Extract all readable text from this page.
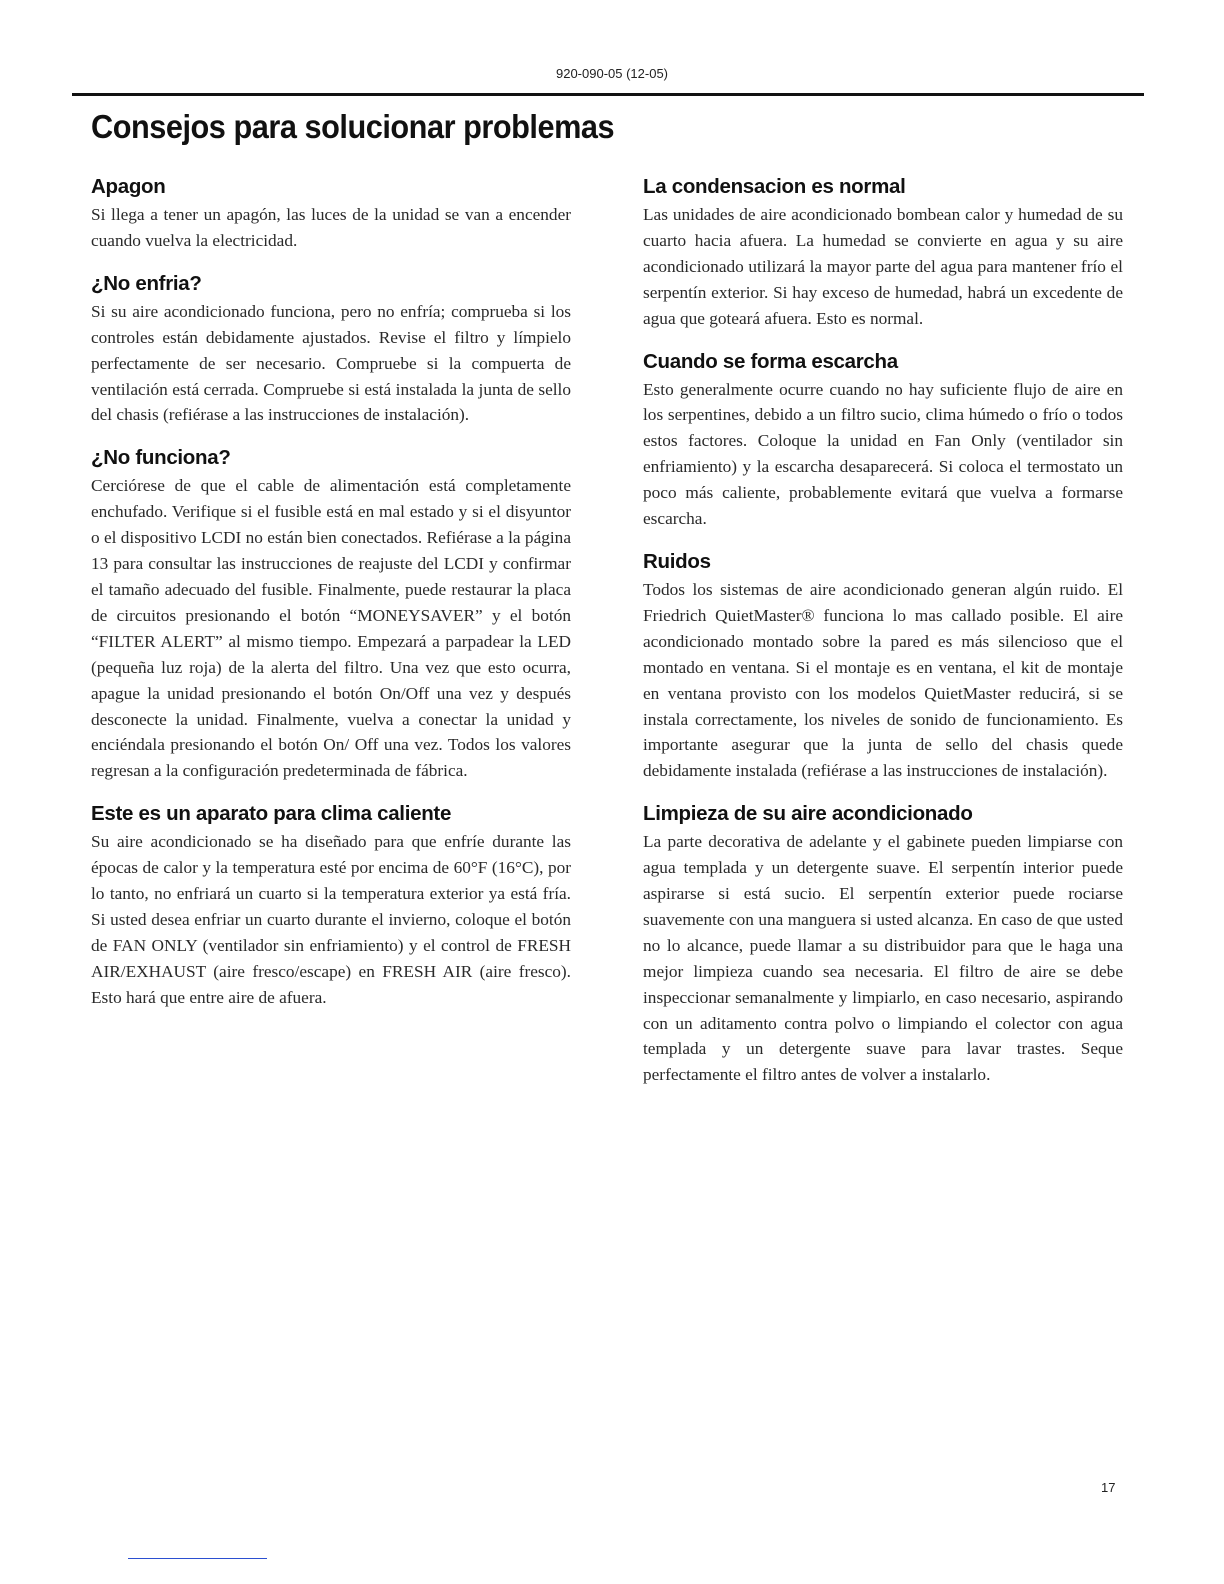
920-090-05 (12-05)
Consejos para solucionar problemas
Apagon

Si llega a tener un apagón, las luces de la unidad se van a encender cuando vuelva la electricidad.

¿No enfria?

Si su aire acondicionado funciona, pero no enfría; comprueba si los controles están debidamente ajustados. Revise el filtro y límpielo perfectamente de ser necesario. Compruebe si la compuerta de ventilación está cerrada. Compruebe si está instalada la junta de sello del chasis (refiérase a las instrucciones de instalación).

¿No funciona?

Cerciórese de que el cable de alimentación está completamente enchufado. Verifique si el fusible está en mal estado y si el disyuntor o el dispositivo LCDI no están bien conectados. Refiérase a la página 13 para consultar las instrucciones de reajuste del LCDI y confirmar el tamaño adecuado del fusible. Finalmente, puede restaurar la placa de circuitos presionando el botón “MONEYSAVER” y el botón “FILTER ALERT” al mismo tiempo. Empezará a parpadear la LED (pequeña luz roja) de la alerta del filtro. Una vez que esto ocurra, apague la unidad presionando el botón On/Off una vez y después desconecte la unidad. Finalmente, vuelva a conectar la unidad y enciéndala presionando el botón On/ Off una vez. Todos los valores regresan a la configuración predeterminada de fábrica.

Este es un aparato para clima caliente

Su aire acondicionado se ha diseñado para que enfríe durante las épocas de calor y la temperatura esté por encima de 60°F (16°C), por lo tanto, no enfriará un cuarto si la temperatura exterior ya está fría. Si usted desea enfriar un cuarto durante el invierno, coloque el botón de FAN ONLY (ventilador sin enfriamiento) y el control de FRESH AIR/EXHAUST (aire fresco/escape) en FRESH AIR (aire fresco). Esto hará que entre aire de afuera.

La condensacion es normal

Las unidades de aire acondicionado bombean calor y humedad de su cuarto hacia afuera. La humedad se convierte en agua y su aire acondicionado utilizará la mayor parte del agua para mantener frío el serpentín exterior. Si hay exceso de humedad, habrá un excedente de agua que goteará afuera. Esto es normal.

Cuando se forma escarcha

Esto generalmente ocurre cuando no hay suficiente flujo de aire en los serpentines, debido a un filtro sucio, clima húmedo o frío o todos estos factores. Coloque la unidad en Fan Only (ventilador sin enfriamiento) y la escarcha desaparecerá. Si coloca el termostato un poco más caliente, probablemente evitará que vuelva a formarse escarcha.

Ruidos

Todos los sistemas de aire acondicionado generan algún ruido. El Friedrich QuietMaster® funciona lo mas callado posible. El aire acondicionado montado sobre la pared es más silencioso que el montado en ventana. Si el montaje es en ventana, el kit de montaje en ventana provisto con los modelos QuietMaster reducirá, si se instala correctamente, los niveles de sonido de funcionamiento. Es importante asegurar que la junta de sello del chasis quede debidamente instalada (refiérase a las instrucciones de instalación).

Limpieza de su aire acondicionado

La parte decorativa de adelante y el gabinete pueden limpiarse con agua templada y un detergente suave. El serpentín interior puede aspirarse si está sucio. El serpentín exterior puede rociarse suavemente con una manguera si usted alcanza. En caso de que usted no lo alcance, puede llamar a su distribuidor para que le haga una mejor limpieza cuando sea necesaria. El filtro de aire se debe inspeccionar semanalmente y limpiarlo, en caso necesario, aspirando con un aditamento contra polvo o limpiando el colector con agua templada y un detergente suave para lavar trastes. Seque perfectamente el filtro antes de volver a instalarlo.

17
